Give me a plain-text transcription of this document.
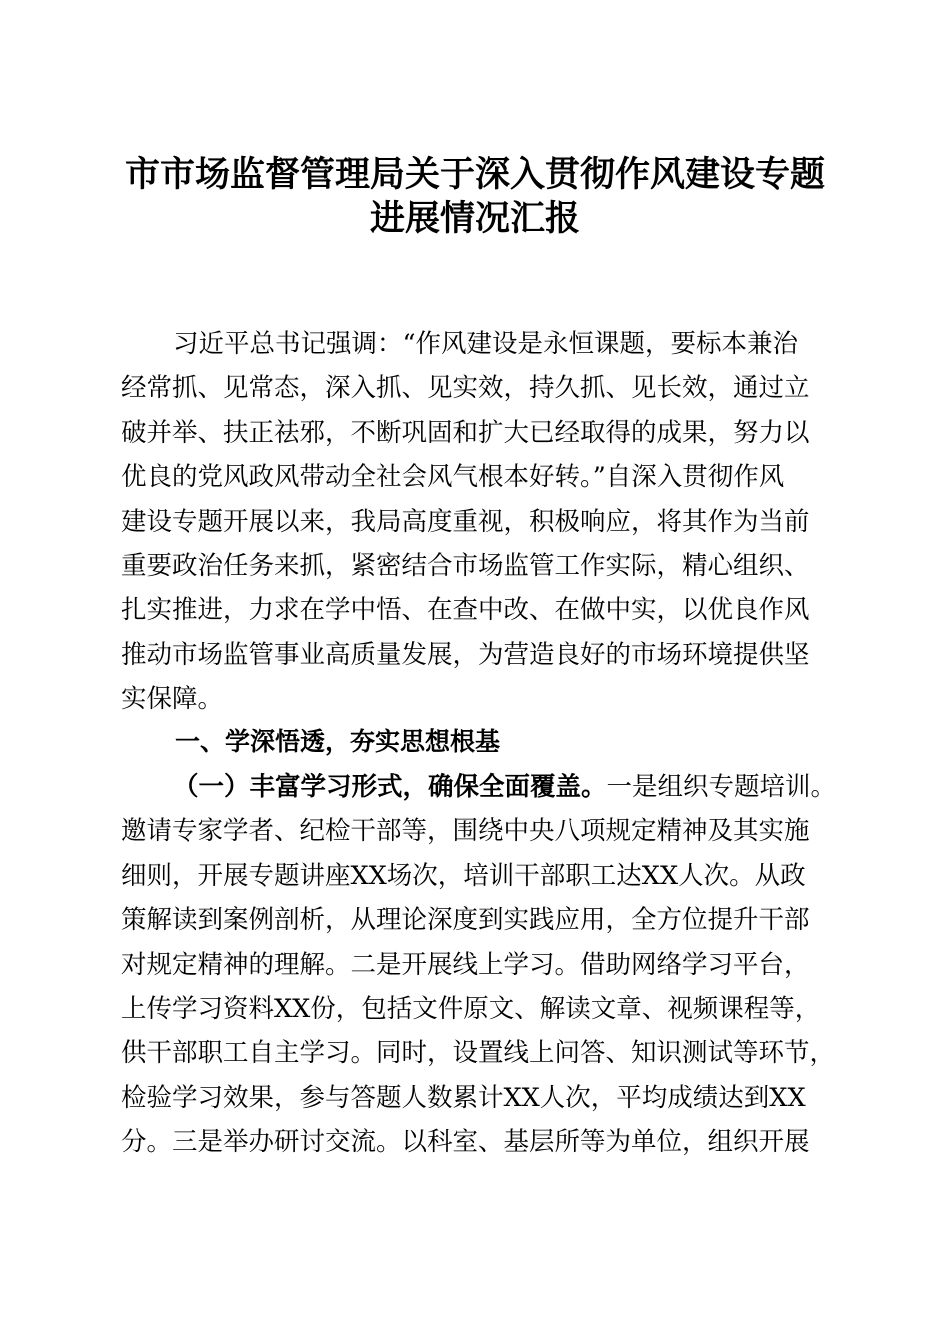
市市场监督管理局关于深入贯彻作风建设专题
进展情况汇报
习近平总书记强调：“作风建设是永恒课题，要标本兼治
经常抓、见常态，深入抓、见实效，持久抓、见长效，通过立
破并举、扶正祛邪，不断巩固和扩大已经取得的成果，努力以
优良的党风政风带动全社会风气根本好转。”自深入贯彻作风
建设专题开展以来，我局高度重视，积极响应，将其作为当前
重要政治任务来抓，紧密结合市场监管工作实际，精心组织、
扎实推进，力求在学中悟、在查中改、在做中实，以优良作风
推动市场监管事业高质量发展，为营造良好的市场环境提供坚
实保障。
一、学深悟透，夯实思想根基
（一）丰富学习形式，确保全面覆盖。一是组织专题培训。
邀请专家学者、纪检干部等，围绕中央八项规定精神及其实施
细则，开展专题讲座XX场次，培训干部职工达XX人次。从政
策解读到案例剖析，从理论深度到实践应用，全方位提升干部
对规定精神的理解。二是开展线上学习。借助网络学习平台，
上传学习资料XX份，包括文件原文、解读文章、视频课程等，
供干部职工自主学习。同时，设置线上问答、知识测试等环节，
检验学习效果，参与答题人数累计XX人次，平均成绩达到XX
分。三是举办研讨交流。以科室、基层所等为单位，组织开展
